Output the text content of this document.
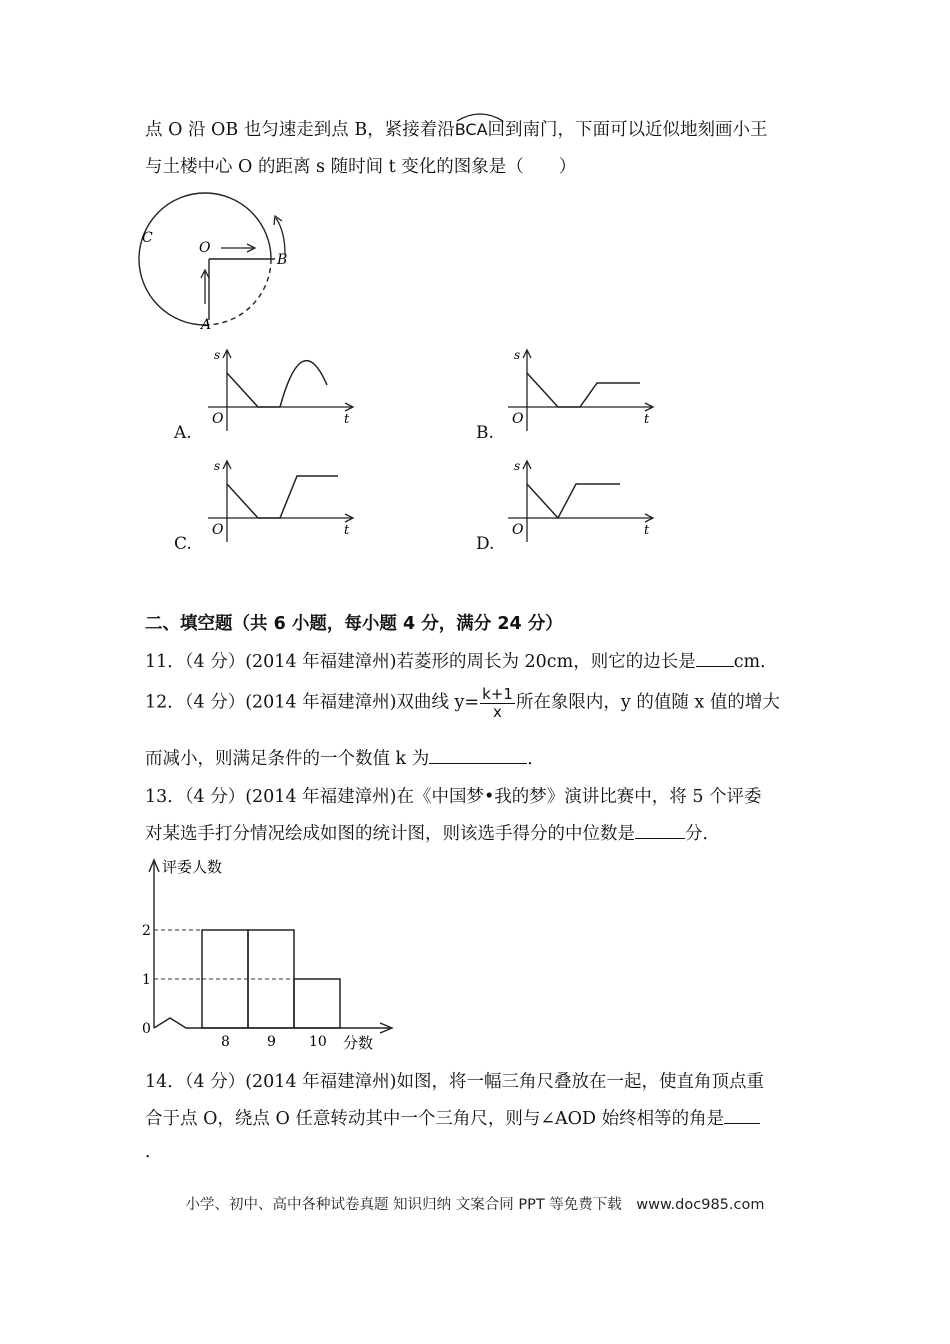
点 O 沿 OB 也匀速走到点 B，紧接着沿
BCA回到南门，下面可以近似地刻画小王
与土楼中心 O 的距离 s 随时间 t 变化的图象是（　　）
C
O
B
A
s
O	t
A.
s
O	t
B.
s
O	t
C.
s
O	t
D.
二、填空题（共 6 小题，每小题 4 分，满分 24 分）
11．（4 分）(2014 年福建漳州)若菱形的周长为 20cm，则它的边长是 cm．
12．（4 分）(2014 年福建漳州)双曲线 $y= \frac{k+1}{x}$ 所在象限内，y 的值随 x 值的增大
而减小，则满足条件的一个数值 k 为	．
13．（4 分）(2014 年福建漳州)在《中国梦•我的梦》演讲比赛中，将 5 个评委
对某选手打分情况绘成如图的统计图，则该选手得分的中位数是	分．
评委人数
分数
0
1
2
8	9 10
14．（4 分）(2014 年福建漳州)如图，将一幅三角尺叠放在一起，使直角顶点重
合于点 O，绕点 O 任意转动其中一个三角尺，则与∠AOD 始终相等的角是
．
小学、初中、高中各种试卷真题 知识归纳 文案合同 PPT 等免费下载　www.doc985.com
